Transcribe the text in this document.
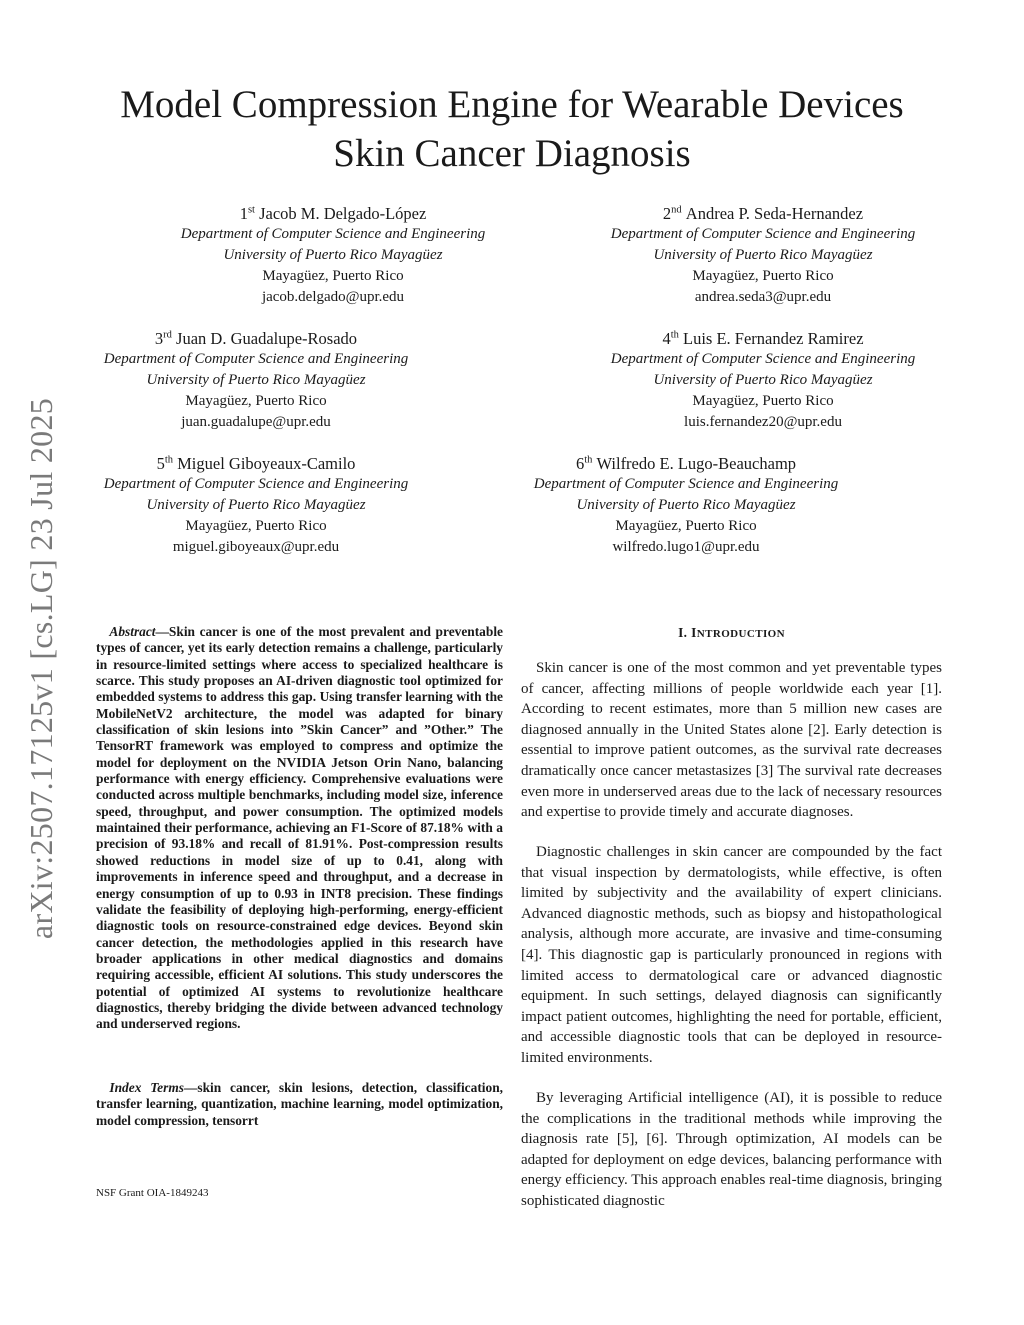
arXiv:2507.17125v1 [cs.LG] 23 Jul 2025
Model Compression Engine for Wearable Devices
Skin Cancer Diagnosis
1st Jacob M. Delgado-López
Department of Computer Science and Engineering
University of Puerto Rico Mayagüez
Mayagüez, Puerto Rico
jacob.delgado@upr.edu
2nd Andrea P. Seda-Hernandez
Department of Computer Science and Engineering
University of Puerto Rico Mayagüez
Mayagüez, Puerto Rico
andrea.seda3@upr.edu
3rd Juan D. Guadalupe-Rosado
Department of Computer Science and Engineering
University of Puerto Rico Mayagüez
Mayagüez, Puerto Rico
juan.guadalupe@upr.edu
4th Luis E. Fernandez Ramirez
Department of Computer Science and Engineering
University of Puerto Rico Mayagüez
Mayagüez, Puerto Rico
luis.fernandez20@upr.edu
5th Miguel Giboyeaux-Camilo
Department of Computer Science and Engineering
University of Puerto Rico Mayagüez
Mayagüez, Puerto Rico
miguel.giboyeaux@upr.edu
6th Wilfredo E. Lugo-Beauchamp
Department of Computer Science and Engineering
University of Puerto Rico Mayagüez
Mayagüez, Puerto Rico
wilfredo.lugo1@upr.edu

Abstract—Skin cancer is one of the most prevalent and preventable types of cancer, yet its early detection remains a challenge, particularly in resource-limited settings where access to specialized healthcare is scarce. This study proposes an AI-driven diagnostic tool optimized for embedded systems to address this gap. Using transfer learning with the MobileNetV2 architecture, the model was adapted for binary classification of skin lesions into ”Skin Cancer” and ”Other.” The TensorRT framework was employed to compress and optimize the model for deployment on the NVIDIA Jetson Orin Nano, balancing performance with energy efficiency. Comprehensive evaluations were conducted across multiple benchmarks, including model size, inference speed, throughput, and power consumption. The optimized models maintained their performance, achieving an F1-Score of 87.18% with a precision of 93.18% and recall of 81.91%. Post-compression results showed reductions in model size of up to 0.41, along with improvements in inference speed and throughput, and a decrease in energy consumption of up to 0.93 in INT8 precision. These findings validate the feasibility of deploying high-performing, energy-efficient diagnostic tools on resource-constrained edge devices. Beyond skin cancer detection, the methodologies applied in this research have broader applications in other medical diagnostics and domains requiring accessible, efficient AI solutions. This study underscores the potential of optimized AI systems to revolutionize healthcare diagnostics, thereby bridging the divide between advanced technology and underserved regions.

Index Terms—skin cancer, skin lesions, detection, classification, transfer learning, quantization, machine learning, model optimization, model compression, tensorrt

NSF Grant OIA-1849243
I. INTRODUCTION

Skin cancer is one of the most common and yet preventable types of cancer, affecting millions of people worldwide each year [1]. According to recent estimates, more than 5 million new cases are diagnosed annually in the United States alone [2]. Early detection is essential to improve patient outcomes, as the survival rate decreases dramatically once cancer metastasizes [3] The survival rate decreases even more in underserved areas due to the lack of necessary resources and expertise to provide timely and accurate diagnoses.

Diagnostic challenges in skin cancer are compounded by the fact that visual inspection by dermatologists, while effective, is often limited by subjectivity and the availability of expert clinicians. Advanced diagnostic methods, such as biopsy and histopathological analysis, although more accurate, are invasive and time-consuming [4]. This diagnostic gap is particularly pronounced in regions with limited access to dermatological care or advanced diagnostic equipment. In such settings, delayed diagnosis can significantly impact patient outcomes, highlighting the need for portable, efficient, and accessible diagnostic tools that can be deployed in resource-limited environments.

By leveraging Artificial intelligence (AI), it is possible to reduce the complications in the traditional methods while improving the diagnosis rate [5], [6]. Through optimization, AI models can be adapted for deployment on edge devices, balancing performance with energy efficiency. This approach enables real-time diagnosis, bringing sophisticated diagnostic
